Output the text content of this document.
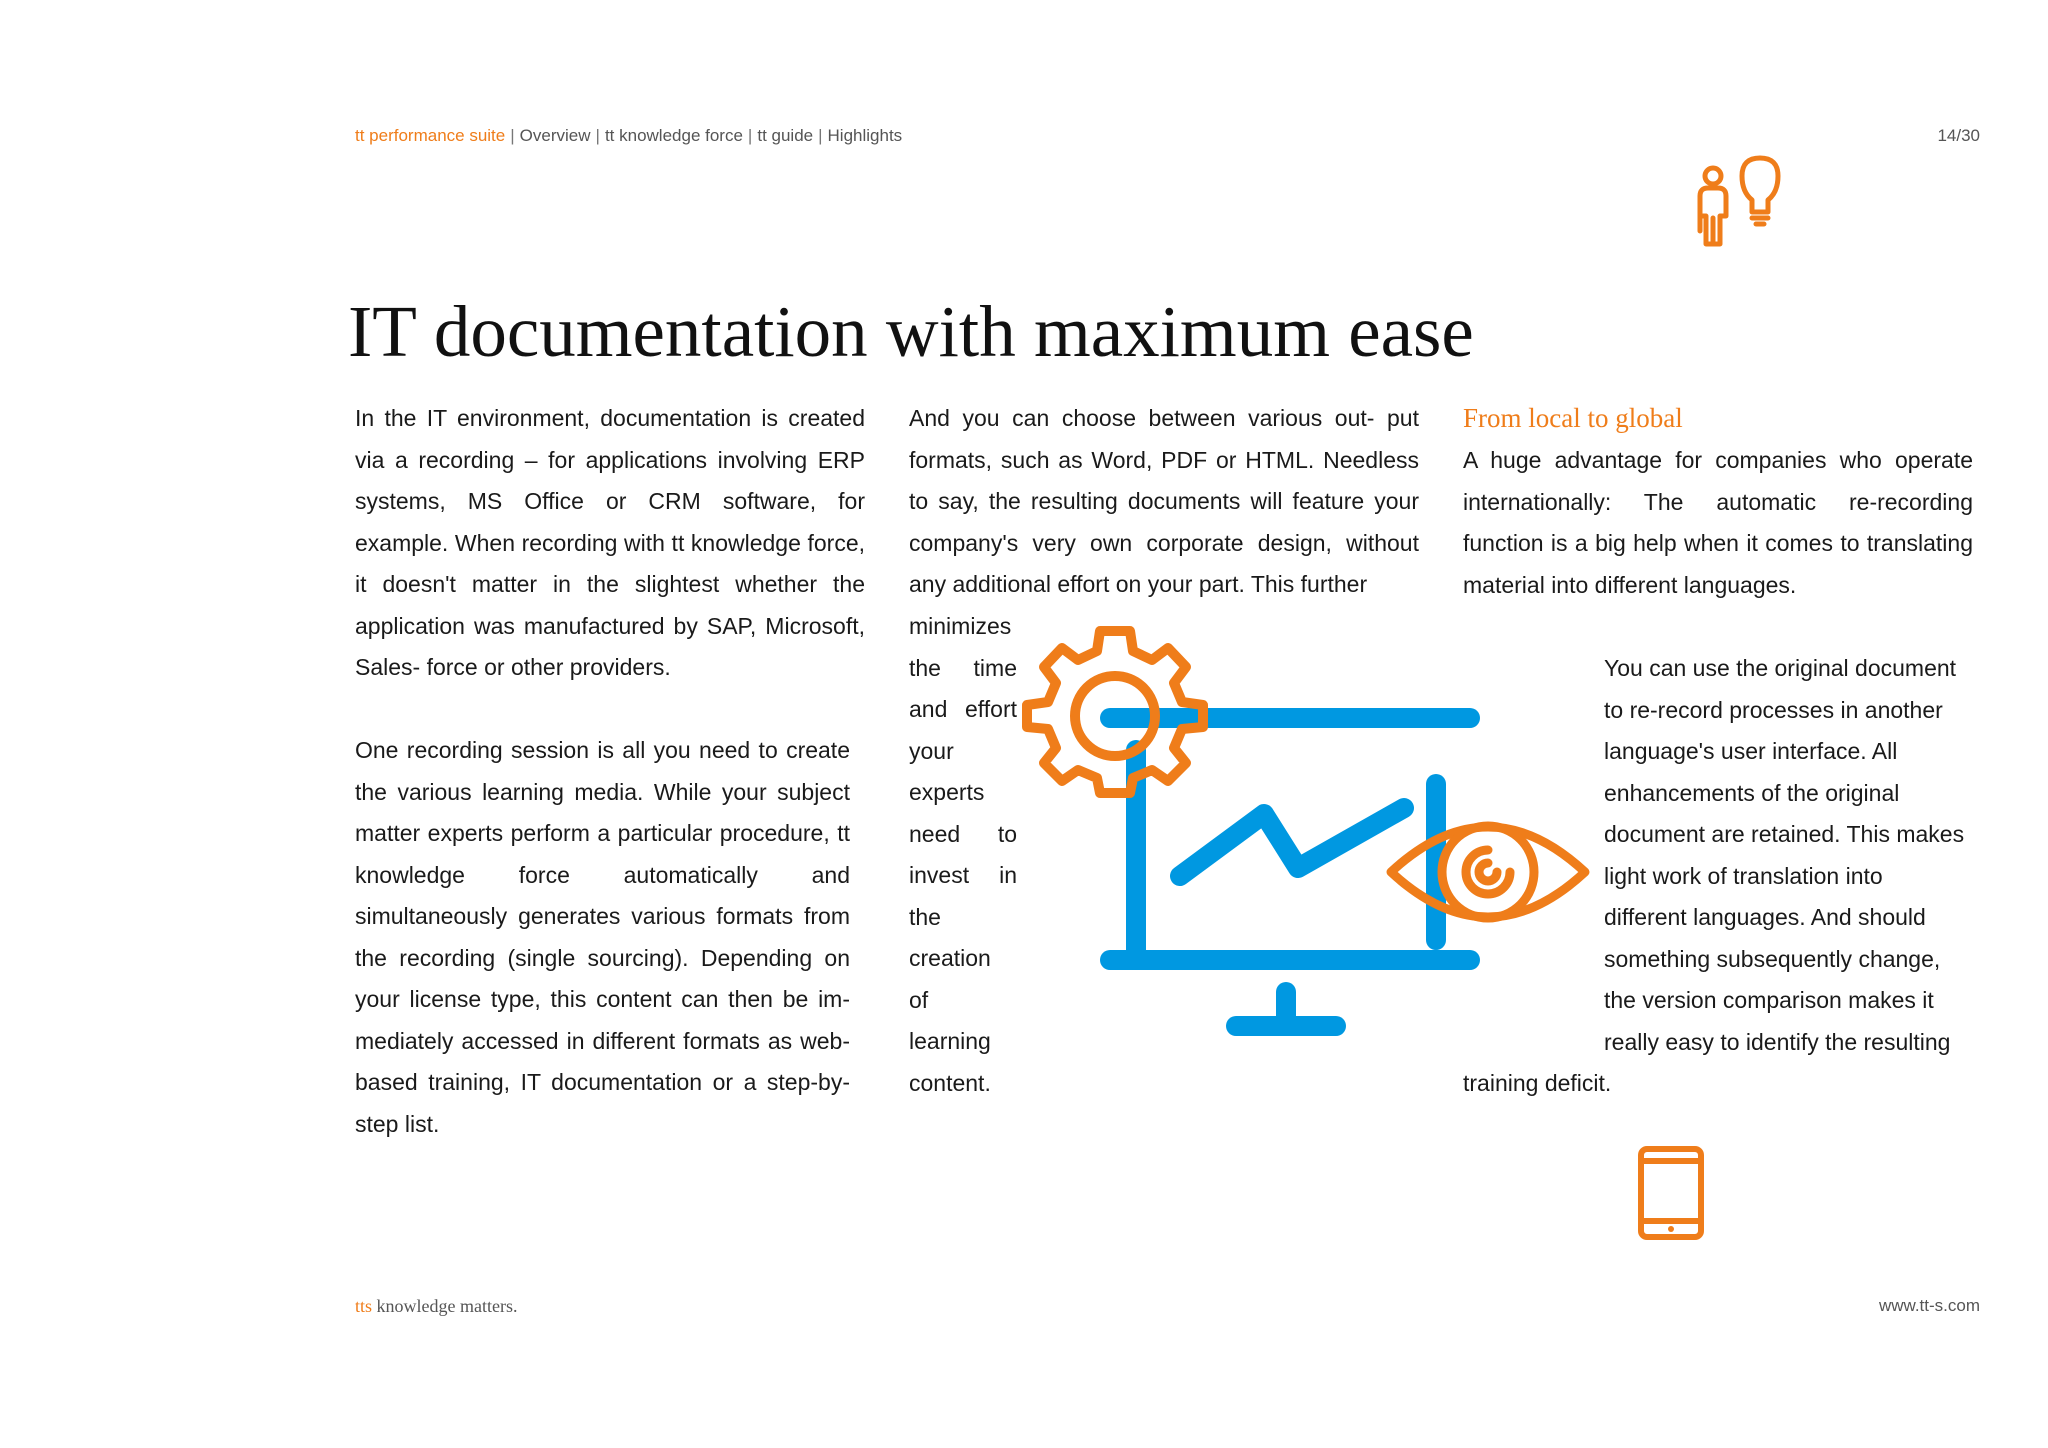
tt performance suite | Overview | tt knowledge force | tt guide | Highlights	14/30
IT documentation with maximum ease

In the IT environment, documentation is created via a recording – for applications involving ERP systems, MS Office or CRM software, for example. When recording with tt knowledge force, it doesn't matter in the slightest whether the application was manufactured by SAP, Microsoft, Sales- force or other providers.

One recording session is all you need to create the various learning media. While your subject matter experts perform a particular procedure, tt knowledge force automatically and simultaneously generates various formats from the recording (single sourcing). Depending on your license type, this content can then be im- mediately accessed in different formats as web-based training, IT documentation or a step-by-step list.

And you can choose between various out- put formats, such as Word, PDF or HTML. Needless to say, the resulting documents will feature your company's very own corporate design, without any additional effort on your part. This further

minimizes
the time
and effort
your
experts
need to
invest in
the
creation
of
learning
content.
From local to global

A huge advantage for companies who operate internationally: The automatic re-recording function is a big help when it comes to translating material into different languages.

You can use the original document
to re-record processes in another
language's user interface. All
enhancements of the original
document are retained. This makes
light work of translation into
different languages. And should
something subsequently change,
the version comparison makes it
really easy to identify the resulting
training deficit.
tts knowledge matters.	www.tt-s.com
